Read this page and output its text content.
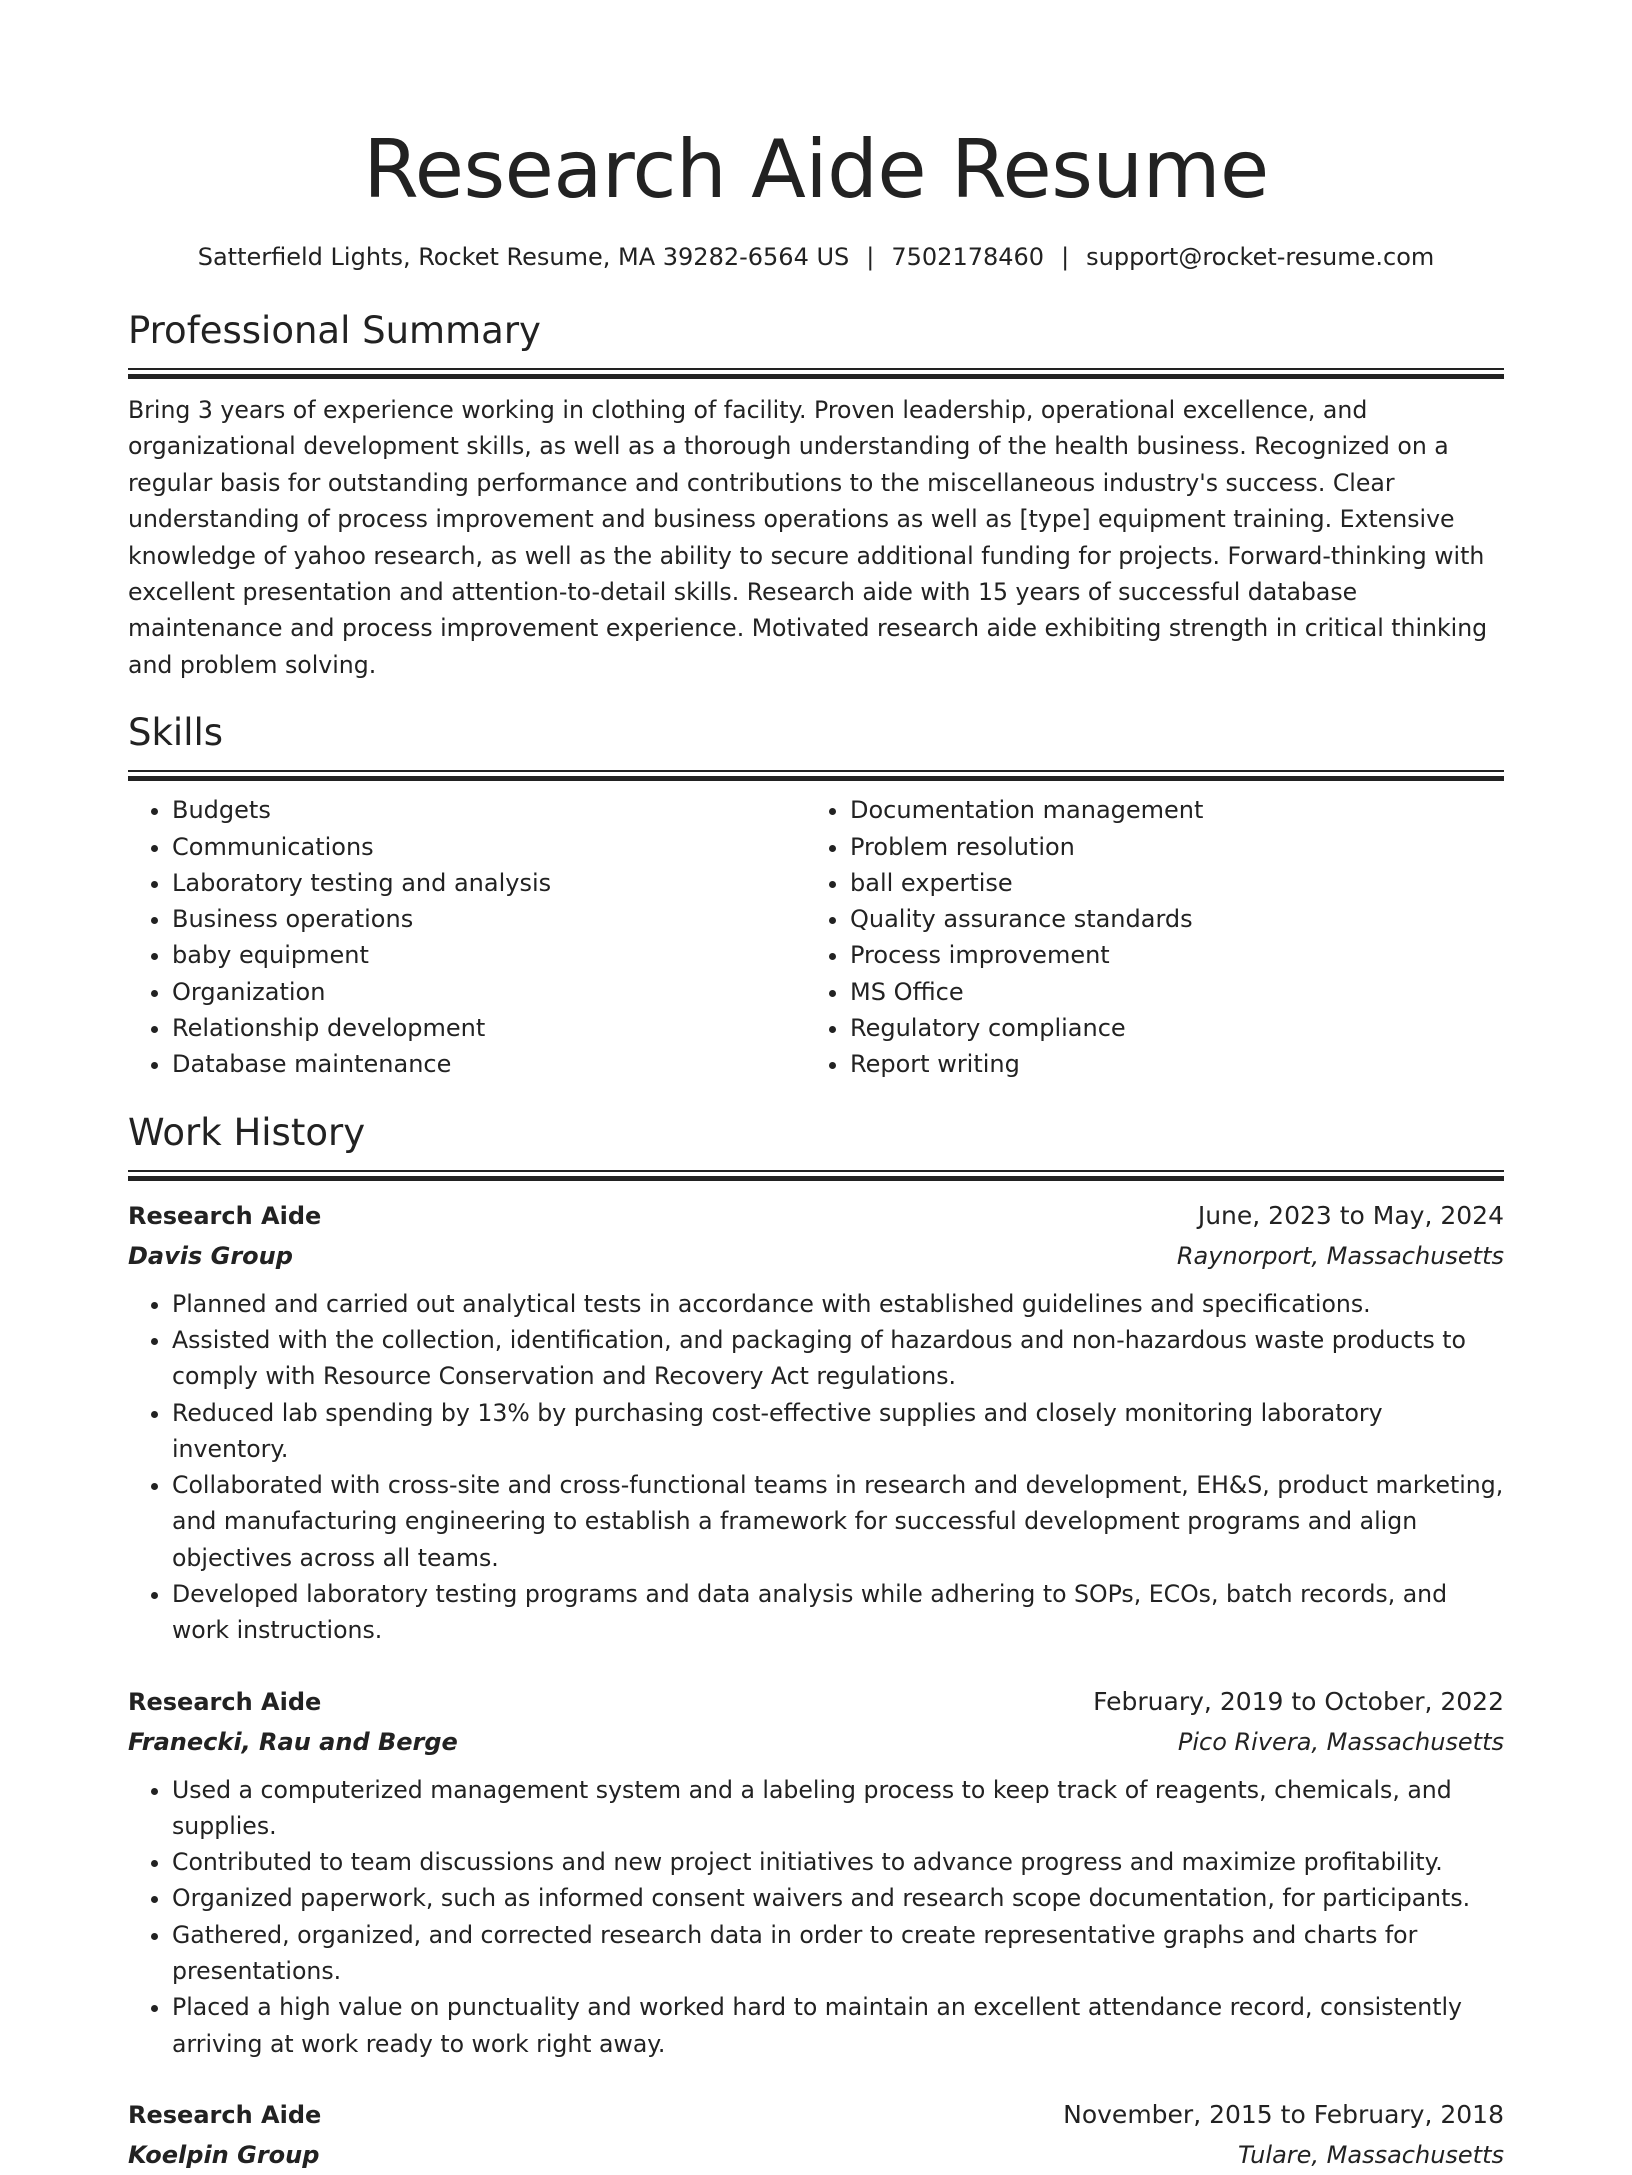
Research Aide Resume
Satterfield Lights, Rocket Resume, MA 39282-6564 US | 7502178460 | support@rocket-resume.com
Professional Summary

Bring 3 years of experience working in clothing of facility. Proven leadership, operational excellence, and organizational development skills, as well as a thorough understanding of the health business. Recognized on a regular basis for outstanding performance and contributions to the miscellaneous industry's success. Clear understanding of process improvement and business operations as well as [type] equipment training. Extensive knowledge of yahoo research, as well as the ability to secure additional funding for projects. Forward-thinking with excellent presentation and attention-to-detail skills. Research aide with 15 years of successful database maintenance and process improvement experience. Motivated research aide exhibiting strength in critical thinking and problem solving.

Skills
• Budgets
• Communications
• Laboratory testing and analysis
• Business operations
• baby equipment
• Organization
• Relationship development
• Database maintenance
• Documentation management
• Problem resolution
• ball expertise
• Quality assurance standards
• Process improvement
• MS Office
• Regulatory compliance
• Report writing
Work History
Research Aide	June, 2023 to May, 2024
Davis Group	Raynorport, Massachusetts
• Planned and carried out analytical tests in accordance with established guidelines and specifications.
• Assisted with the collection, identification, and packaging of hazardous and non-hazardous waste products to comply with Resource Conservation and Recovery Act regulations.
• Reduced lab spending by 13% by purchasing cost-effective supplies and closely monitoring laboratory inventory.
• Collaborated with cross-site and cross-functional teams in research and development, EH&S, product marketing, and manufacturing engineering to establish a framework for successful development programs and align objectives across all teams.
• Developed laboratory testing programs and data analysis while adhering to SOPs, ECOs, batch records, and work instructions.
Research Aide	February, 2019 to October, 2022
Franecki, Rau and Berge	Pico Rivera, Massachusetts
• Used a computerized management system and a labeling process to keep track of reagents, chemicals, and supplies.
• Contributed to team discussions and new project initiatives to advance progress and maximize profitability.
• Organized paperwork, such as informed consent waivers and research scope documentation, for participants.
• Gathered, organized, and corrected research data in order to create representative graphs and charts for presentations.
• Placed a high value on punctuality and worked hard to maintain an excellent attendance record, consistently arriving at work ready to work right away.
Research Aide	November, 2015 to February, 2018
Koelpin Group	Tulare, Massachusetts
